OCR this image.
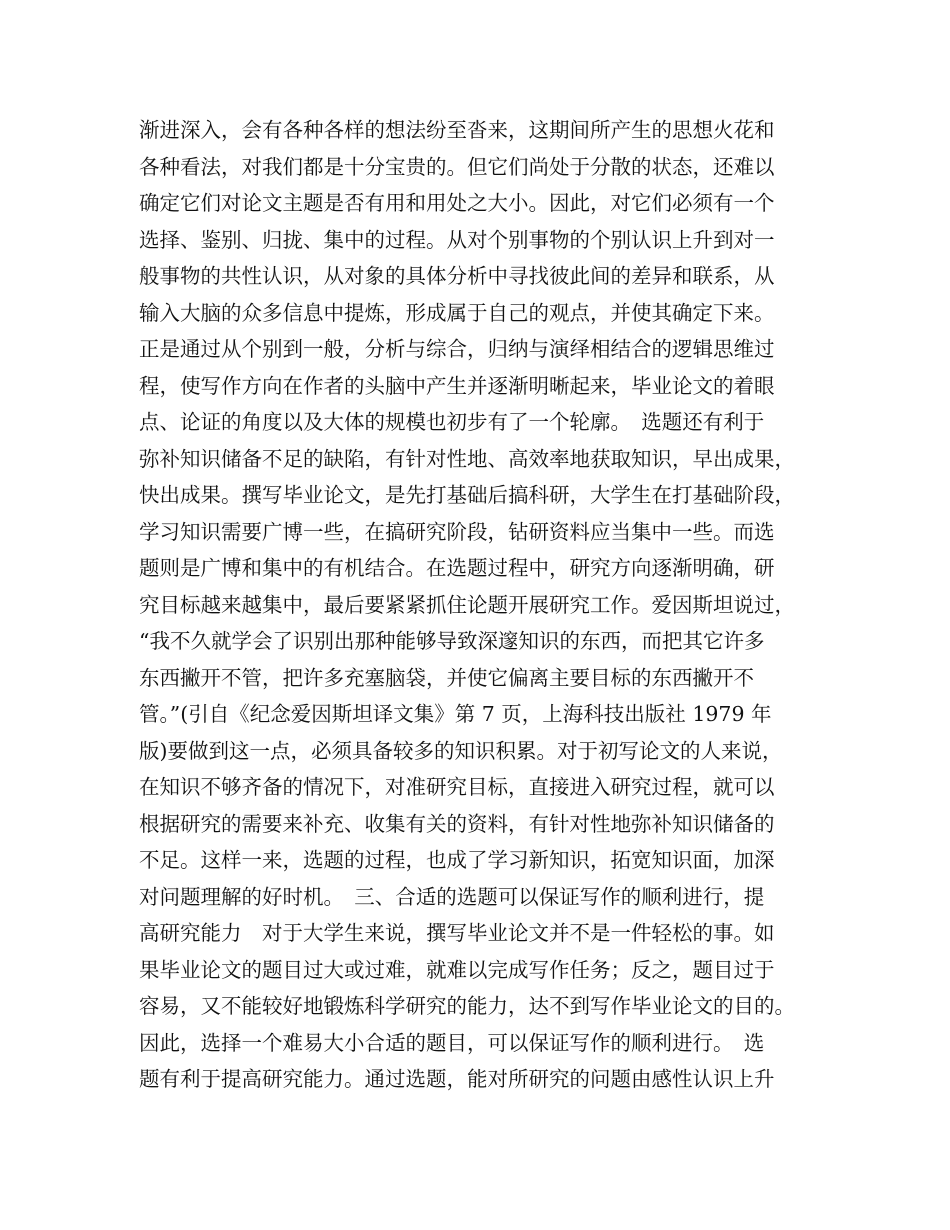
渐进深入，会有各种各样的想法纷至沓来，这期间所产生的思想火花和
各种看法，对我们都是十分宝贵的。但它们尚处于分散的状态，还难以
确定它们对论文主题是否有用和用处之大小。因此，对它们必须有一个
选择、鉴别、归拢、集中的过程。从对个别事物的个别认识上升到对一
般事物的共性认识，从对象的具体分析中寻找彼此间的差异和联系，从
输入大脑的众多信息中提炼，形成属于自己的观点，并使其确定下来。
正是通过从个别到一般，分析与综合，归纳与演绎相结合的逻辑思维过
程，使写作方向在作者的头脑中产生并逐渐明晰起来，毕业论文的着眼
点、论证的角度以及大体的规模也初步有了一个轮廓。　选题还有利于
弥补知识储备不足的缺陷，有针对性地、高效率地获取知识，早出成果，
快出成果。撰写毕业论文，是先打基础后搞科研，大学生在打基础阶段，
学习知识需要广博一些，在搞研究阶段，钻研资料应当集中一些。而选
题则是广博和集中的有机结合。在选题过程中，研究方向逐渐明确，研
究目标越来越集中，最后要紧紧抓住论题开展研究工作。爱因斯坦说过，
“我不久就学会了识别出那种能够导致深邃知识的东西，而把其它许多
东西撇开不管，把许多充塞脑袋，并使它偏离主要目标的东西撇开不
管。”(引自《纪念爱因斯坦译文集》第 7 页，上海科技出版社 1979 年
版)要做到这一点，必须具备较多的知识积累。对于初写论文的人来说，
在知识不够齐备的情况下，对准研究目标，直接进入研究过程，就可以
根据研究的需要来补充、收集有关的资料，有针对性地弥补知识储备的
不足。这样一来，选题的过程，也成了学习新知识，拓宽知识面，加深
对问题理解的好时机。　三、合适的选题可以保证写作的顺利进行，提
高研究能力　对于大学生来说，撰写毕业论文并不是一件轻松的事。如
果毕业论文的题目过大或过难，就难以完成写作任务；反之，题目过于
容易，又不能较好地锻炼科学研究的能力，达不到写作毕业论文的目的。
因此，选择一个难易大小合适的题目，可以保证写作的顺利进行。　选
题有利于提高研究能力。通过选题，能对所研究的问题由感性认识上升
